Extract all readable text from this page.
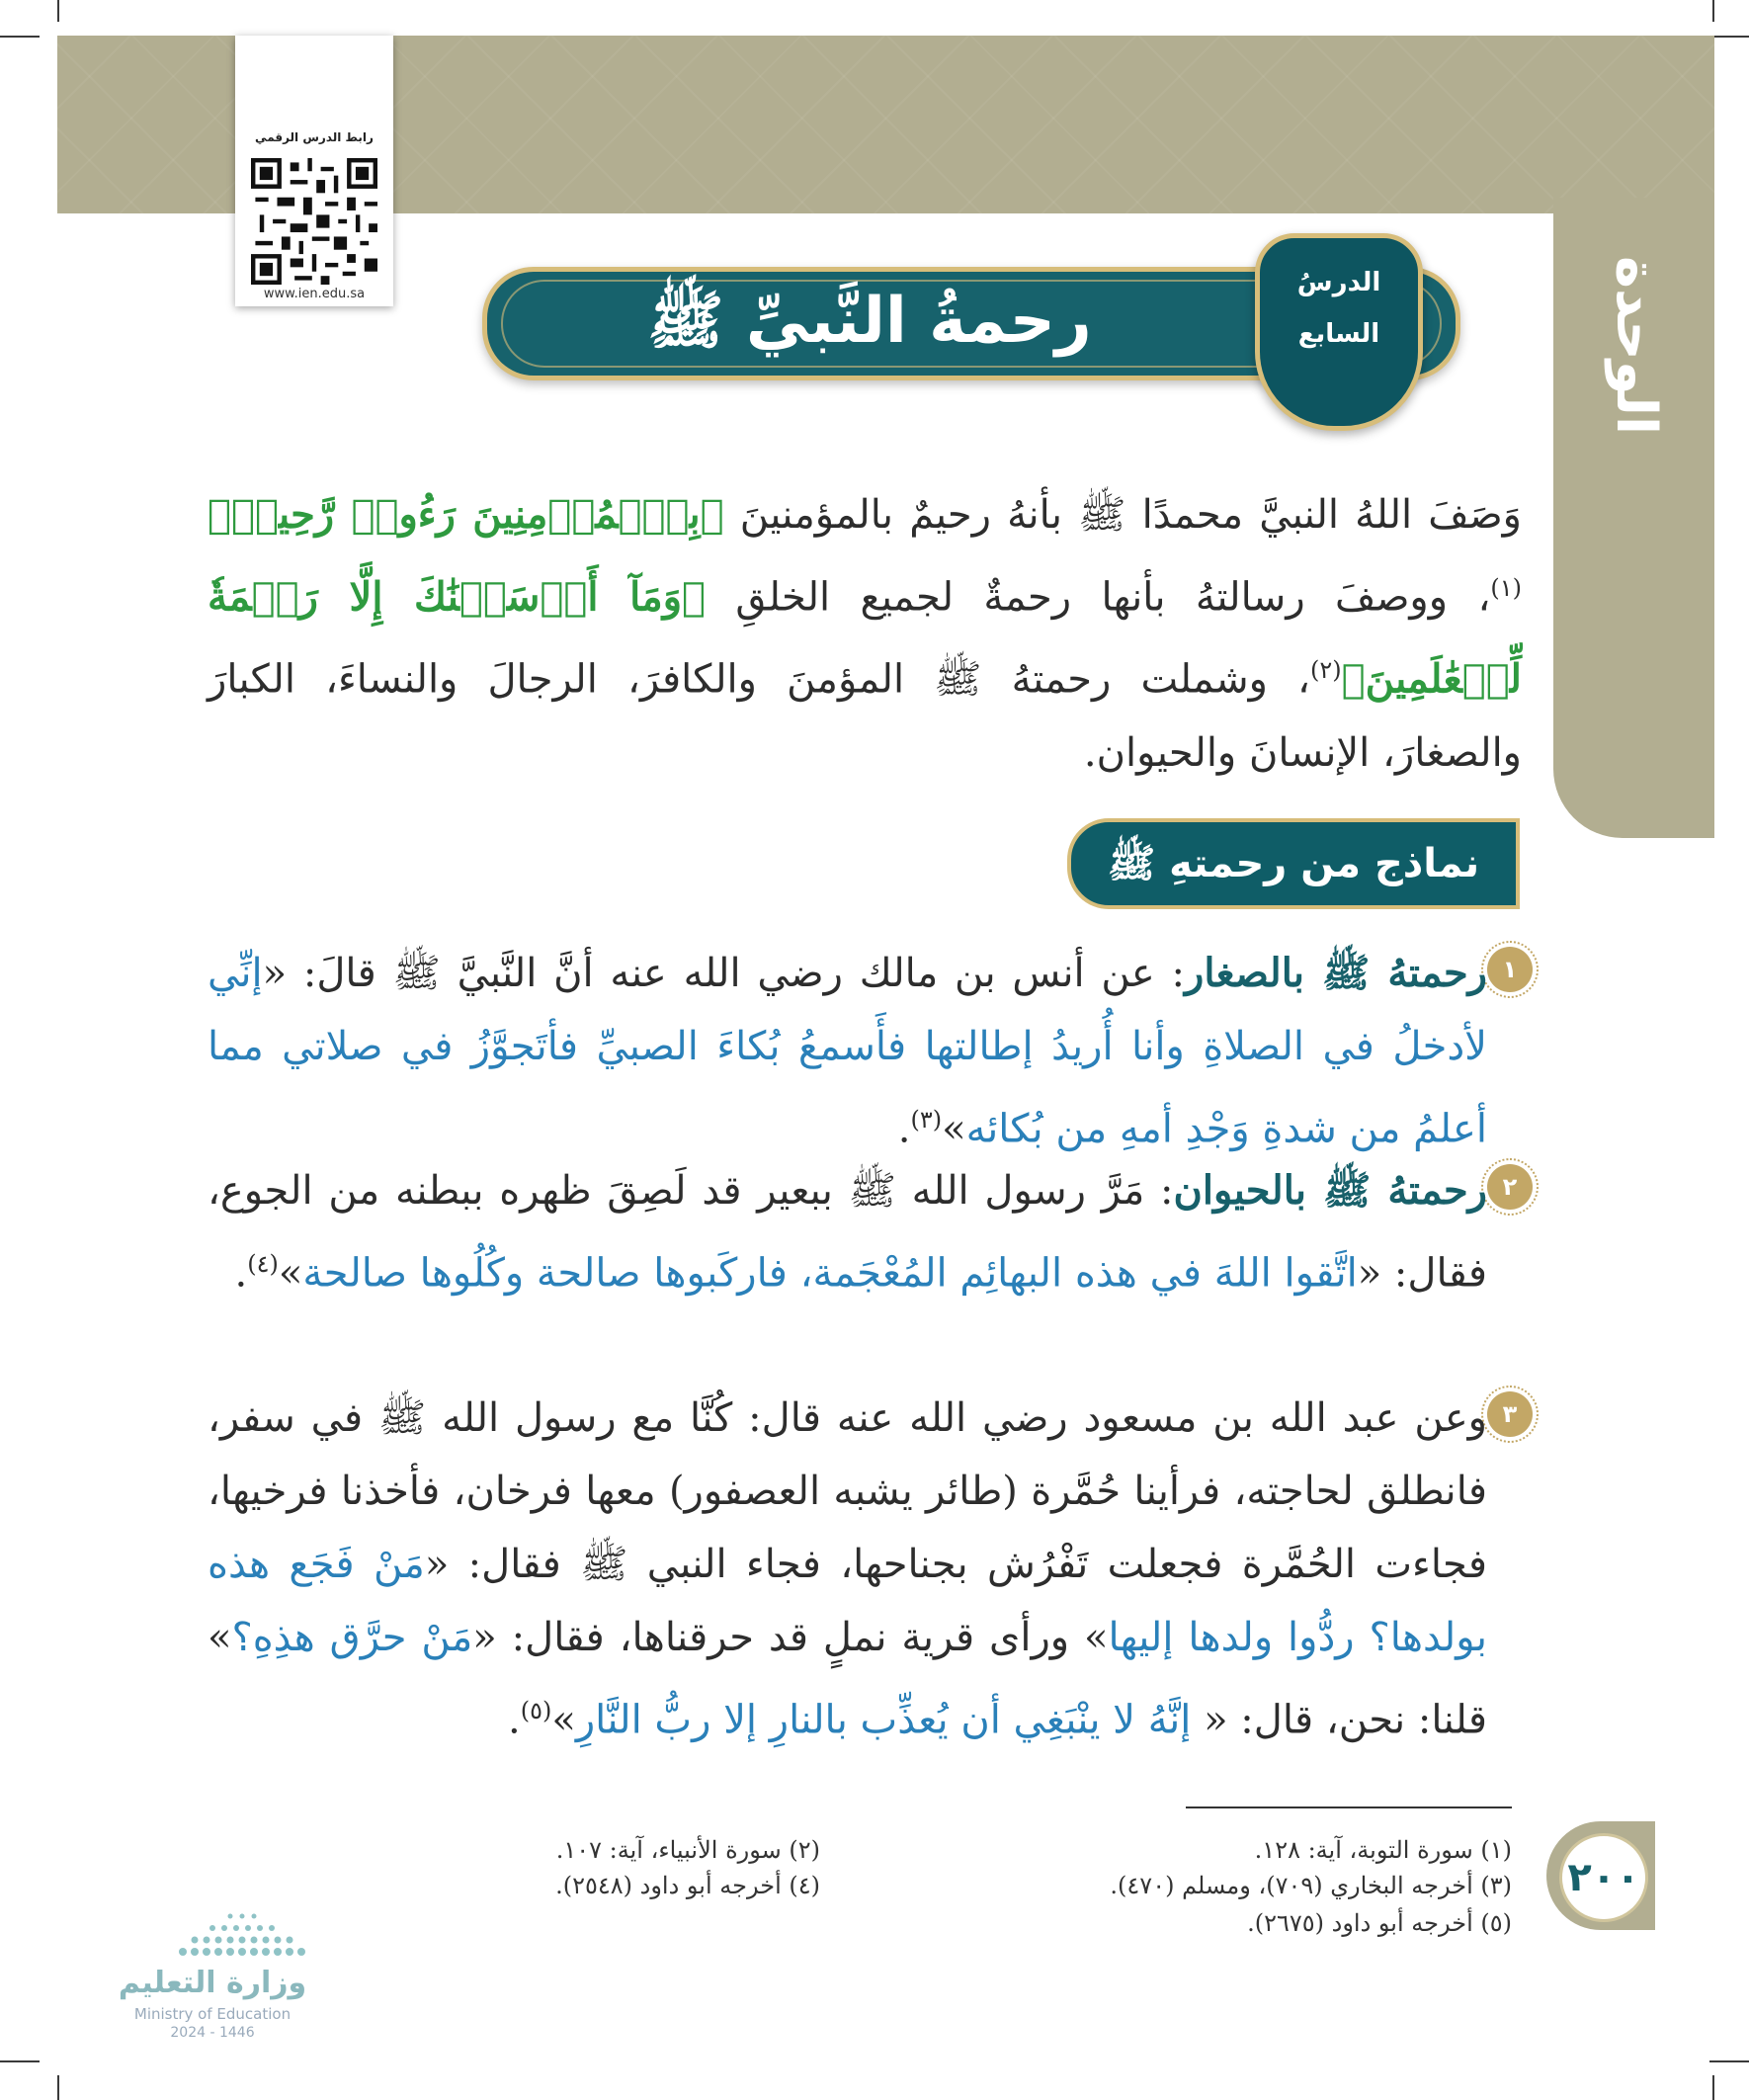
الوحدة الثالثة
رابط الدرس الرقمي
www.ien.edu.sa	رحمةُ النَّبيِّ ﷺ
الدرسُ
السابع
وَصَفَ اللهُ النبيَّ محمدًا ﷺ بأنهُ رحيمٌ بالمؤمنينَ ﴿بِٱلۡمُؤۡمِنِينَ رَءُوفٞ رَّحِيمٞ﴾$^{(١)}$، ووصفَ رسالتهُ بأنها رحمةٌ لجميع الخلقِ ﴿وَمَآ أَرۡسَلۡنَٰكَ إِلَّا رَحۡمَةٗ لِّلۡعَٰلَمِينَ﴾$^{(٢)}$، وشملت رحمتهُ ﷺ المؤمنَ والكافرَ، الرجالَ والنساءَ، الكبارَ والصغارَ، الإنسانَ والحيوان.
نماذج من رحمتهِ ﷺ
١
رحمتهُ ﷺ بالصغار: عن أنس بن مالك رضي الله عنه أنَّ النَّبيَّ ﷺ قالَ: «إنِّي لأدخلُ في الصلاةِ وأنا أُريدُ إطالتها فأَسمعُ بُكاءَ الصبيِّ فأتَجوَّزُ في صلاتي مما أعلمُ من شدةِ وَجْدِ أمهِ من بُكائه»$^{(٣)}$.
٢
رحمتهُ ﷺ بالحيوان: مَرَّ رسول الله ﷺ ببعير قد لَصِقَ ظهره ببطنه من الجوع، فقال: «اتَّقوا اللهَ في هذه البهائِم المُعْجَمة، فاركَبوها صالحة وكُلُوها صالحة»$^{(٤)}$.
٣
وعن عبد الله بن مسعود رضي الله عنه قال: كُنَّا مع رسول الله ﷺ في سفر، فانطلق لحاجته، فرأينا حُمَّرة (طائر يشبه العصفور) معها فرخان، فأخذنا فرخيها، فجاءت الحُمَّرة فجعلت تَفْرُش بجناحها، فجاء النبي ﷺ فقال: «مَنْ فَجَع هذه بولدها؟ ردُّوا ولدها إليها» ورأى قرية نملٍ قد حرقناها، فقال: «مَنْ حرَّق هذِهِ؟» قلنا: نحن، قال: « إنَّهُ لا ينْبَغِي أن يُعذِّب بالنارِ إلا ربُّ النَّارِ»$^{(٥)}$.
(١) سورة التوبة، آية: ١٢٨.
(٢) سورة الأنبياء، آية: ١٠٧.
(٣) أخرجه البخاري (٧٠٩)، ومسلم (٤٧٠).
(٤) أخرجه أبو داود (٢٥٤٨).
(٥) أخرجه أبو داود (٢٦٧٥).
٢٠٠
وزارة التعليم
Ministry of Education
2024 - 1446
